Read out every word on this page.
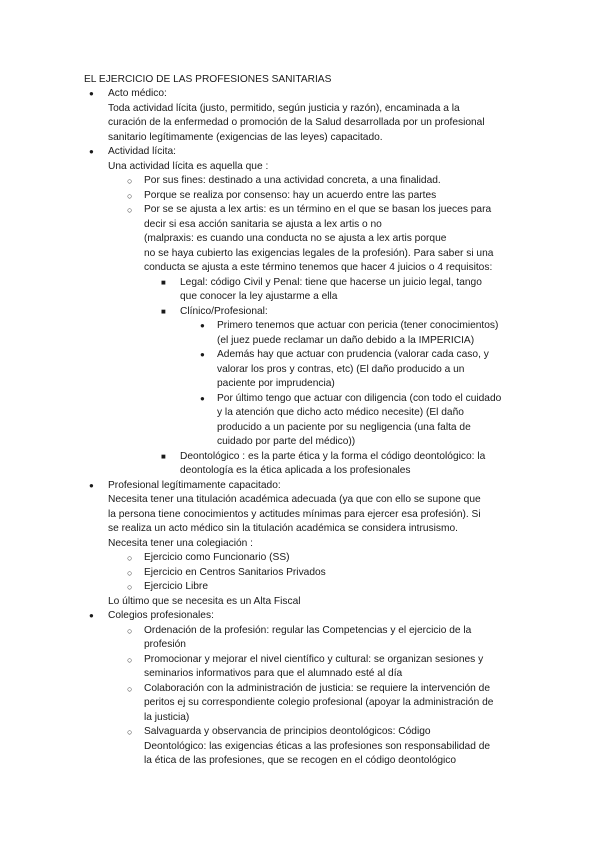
EL EJERCICIO DE LAS PROFESIONES SANITARIAS
● Acto médico:
Toda actividad lícita (justo, permitido, según justicia y razón), encaminada a la
curación de la enfermedad o promoción de la Salud desarrollada por un profesional
sanitario legítimamente (exigencias de las leyes) capacitado.
● Actividad lícita:
Una actividad lícita es aquella que :
○ Por sus fines: destinado a una actividad concreta, a una finalidad.
○ Porque se realiza por consenso: hay un acuerdo entre las partes
○ Por se se ajusta a lex artis: es un término en el que se basan los jueces para
decir si esa acción sanitaria se ajusta a lex artis o no
(malpraxis: es cuando una conducta no se ajusta a lex artis porque
no se haya cubierto las exigencias legales de la profesión). Para saber si una
conducta se ajusta a este término tenemos que hacer 4 juicios o 4 requisitos:
■ Legal: código Civil y Penal: tiene que hacerse un juicio legal, tango
que conocer la ley ajustarme a ella
■ Clínico/Profesional:
● Primero tenemos que actuar con pericia (tener conocimientos)
(el juez puede reclamar un daño debido a la IMPERICIA)
● Además hay que actuar con prudencia (valorar cada caso, y
valorar los pros y contras, etc) (El daño producido a un
paciente por imprudencia)
● Por último tengo que actuar con diligencia (con todo el cuidado
y la atención que dicho acto médico necesite) (El daño
producido a un paciente por su negligencia (una falta de
cuidado por parte del médico))
■ Deontológico : es la parte ética y la forma el código deontológico: la
deontología es la ética aplicada a los profesionales
● Profesional legítimamente capacitado:
Necesita tener una titulación académica adecuada (ya que con ello se supone que
la persona tiene conocimientos y actitudes mínimas para ejercer esa profesión). Si
se realiza un acto médico sin la titulación académica se considera intrusismo.
Necesita tener una colegiación :
○ Ejercicio como Funcionario (SS)
○ Ejercicio en Centros Sanitarios Privados
○ Ejercicio Libre
Lo último que se necesita es un Alta Fiscal
● Colegios profesionales:
○ Ordenación de la profesión: regular las Competencias y el ejercicio de la
profesión
○ Promocionar y mejorar el nivel científico y cultural: se organizan sesiones y
seminarios informativos para que el alumnado esté al día
○ Colaboración con la administración de justicia: se requiere la intervención de
peritos ej su correspondiente colegio profesional (apoyar la administración de
la justicia)
○ Salvaguarda y observancia de principios deontológicos: Código
Deontológico: las exigencias éticas a las profesiones son responsabilidad de
la ética de las profesiones, que se recogen en el código deontológico
